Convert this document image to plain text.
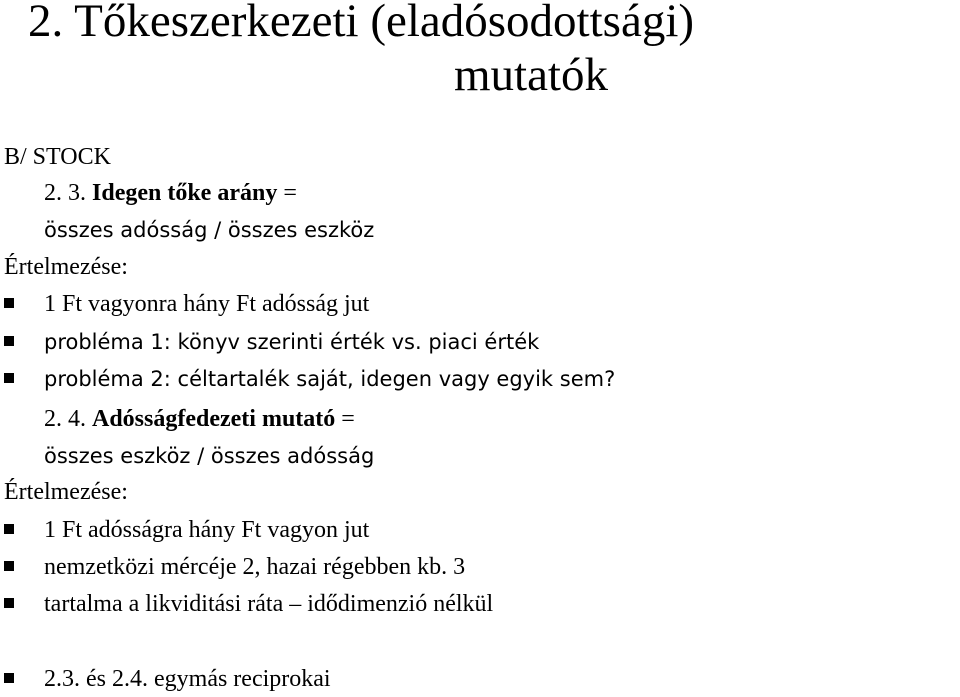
2. Tőkeszerkezeti (eladósodottsági)
mutatók
B/ STOCK
2. 3. Idegen tőke arány =
összes adósság / összes eszköz
Értelmezése:
1 Ft vagyonra hány Ft adósság jut
probléma 1: könyv szerinti érték vs. piaci érték
probléma 2: céltartalék saját, idegen vagy egyik sem?
2. 4. Adósságfedezeti mutató =
összes eszköz / összes adósság
Értelmezése:
1 Ft adósságra hány Ft vagyon jut
nemzetközi mércéje 2, hazai régebben kb. 3
tartalma a likviditási ráta – idődimenzió nélkül
2.3. és 2.4. egymás reciprokai
